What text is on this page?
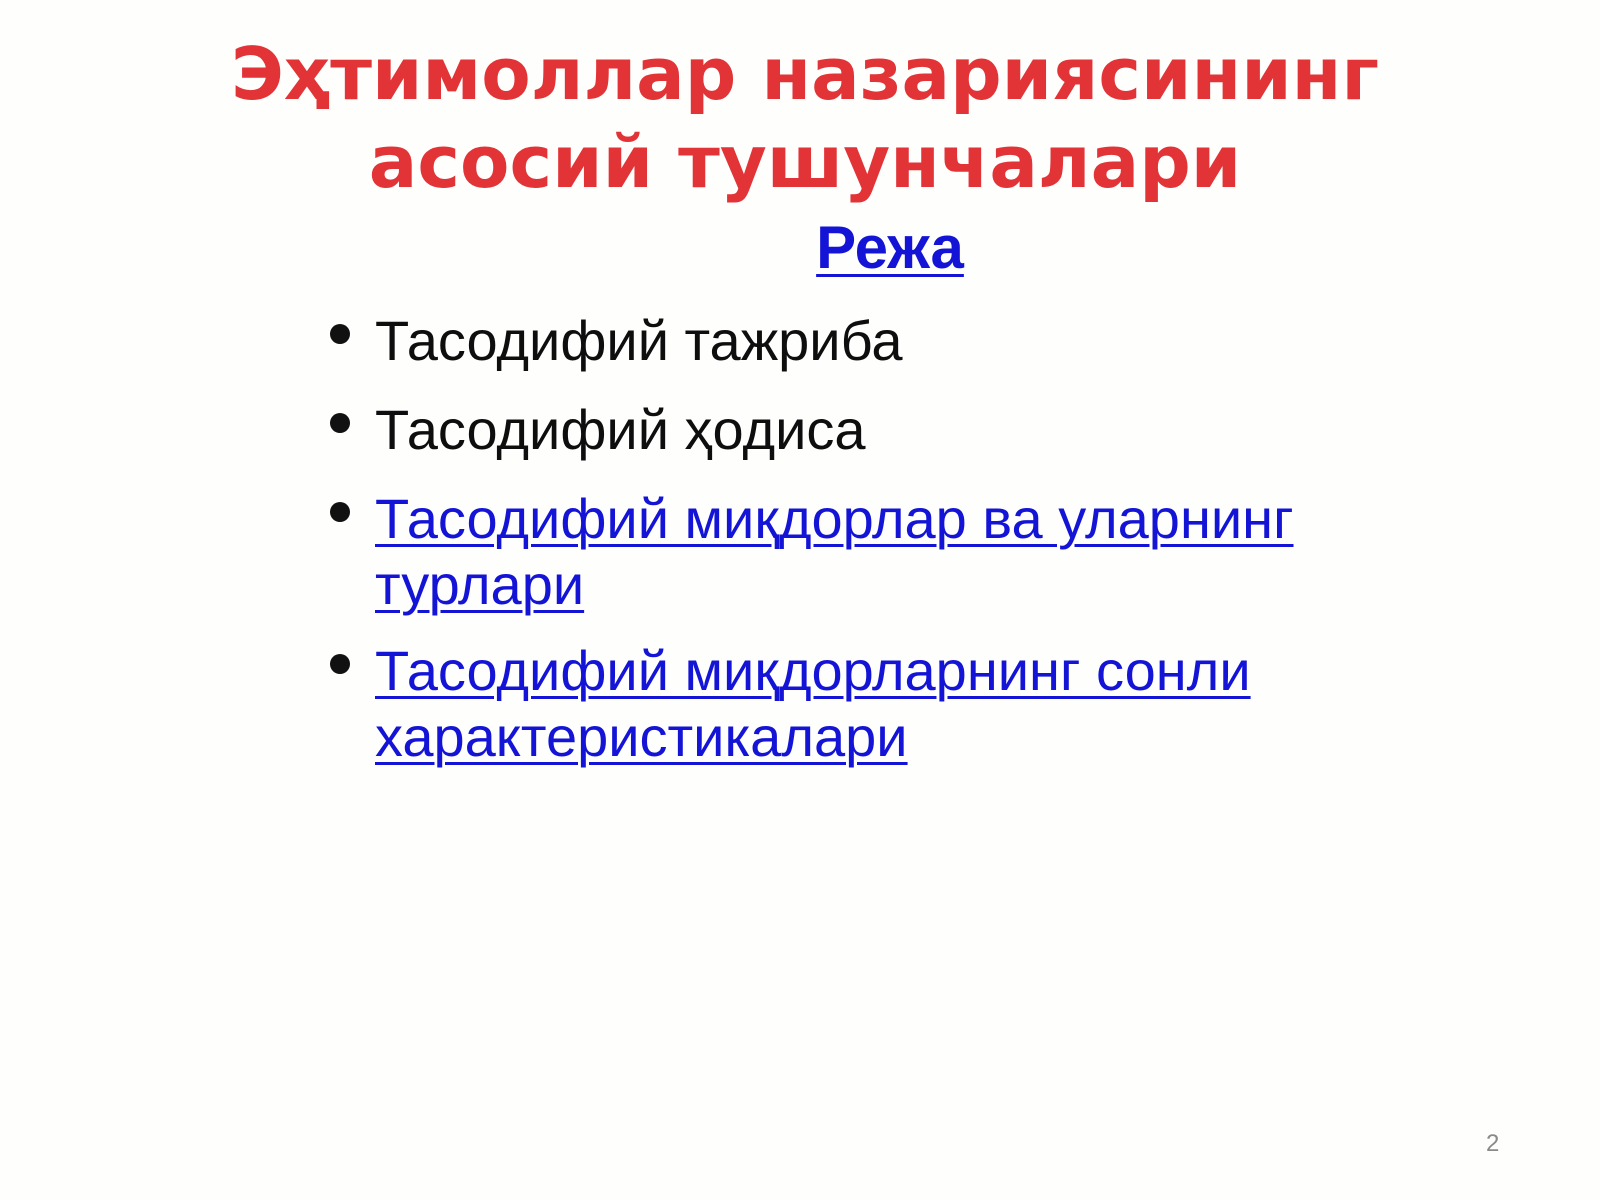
Эҳтимоллар назариясининг асосий тушунчалари
Режа
Тасодифий тажриба
Тасодифий ҳодиса
Тасодифий миқдорлар ва уларнинг турлари
Тасодифий миқдорларнинг сонли характеристикалари
2
